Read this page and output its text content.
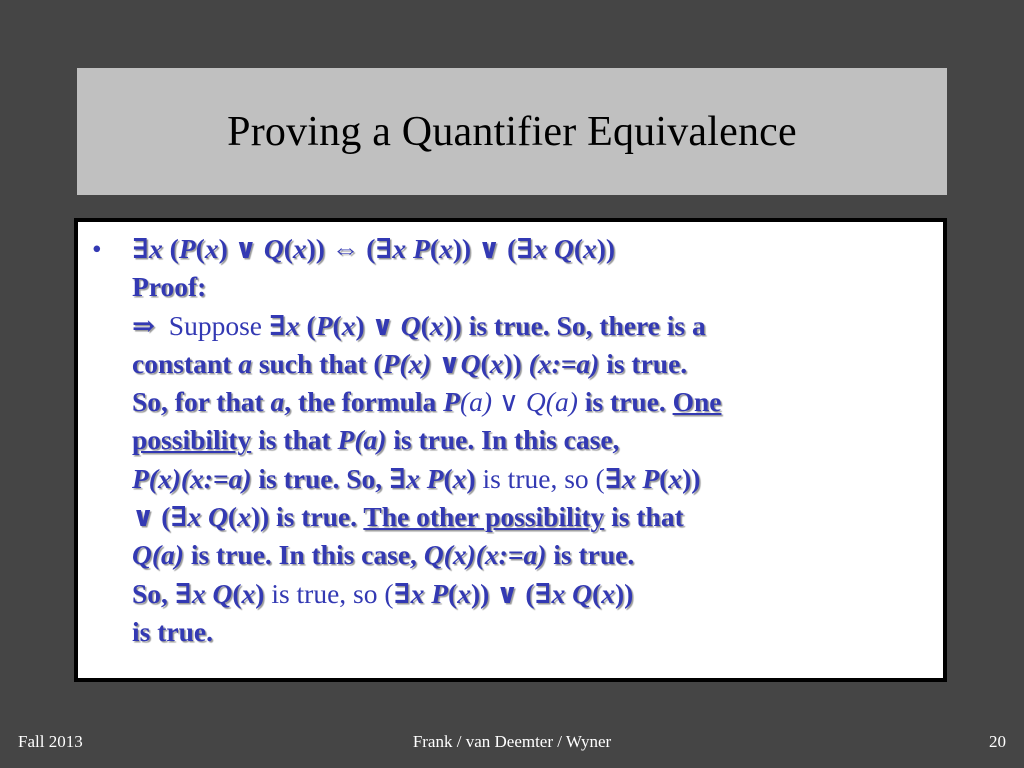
Proving a Quantifier Equivalence
• ∃x (P(x) ∨ Q(x)) ⇔ (∃x P(x)) ∨ (∃x Q(x))
Proof:
⇒  Suppose ∃x (P(x) ∨ Q(x)) is true. So, there is a
constant a such that (P(x) ∨Q(x)) (x:=a) is true.
So, for that a, the formula P(a) ∨ Q(a) is true. One
possibility is that P(a) is true. In this case,
P(x)(x:=a) is true. So, ∃x P(x) is true, so (∃x P(x))
∨ (∃x Q(x)) is true. The other possibility is that
Q(a) is true. In this case, Q(x)(x:=a) is true.
So, ∃x Q(x) is true, so (∃x P(x)) ∨ (∃x Q(x))
is true.
Fall 2013	Frank / van Deemter / Wyner	20
